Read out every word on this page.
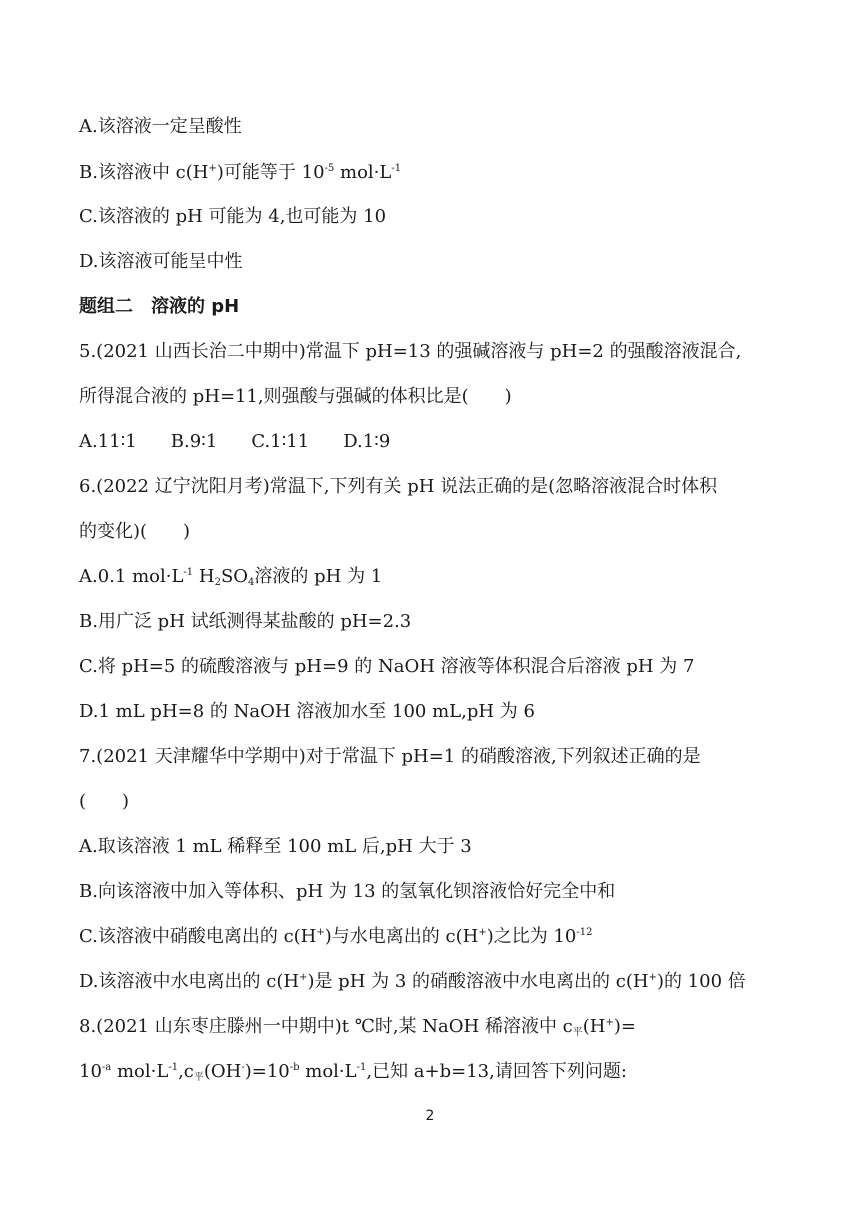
A.该溶液一定呈酸性
B.该溶液中 c(H+)可能等于 $10^{-5}$ $mol\cdot L^{-1}$
C.该溶液的 pH 可能为 4,也可能为 10
D.该溶液可能呈中性
题组二　溶液的 pH
5.(2021 山西长治二中期中)常温下 pH=13 的强碱溶液与 pH=2 的强酸溶液混合,
所得混合液的 pH=11,则强酸与强碱的体积比是(　　)
A.11∶1 B.9∶1 C.1∶11 D.1∶9
6.(2022 辽宁沈阳月考)常温下,下列有关 pH 说法正确的是(忽略溶液混合时体积
的变化)(　　)
A.0.1 $mol\cdot L^{-1}$ $H_2SO_4$溶液的 pH 为 1
B.用广泛 pH 试纸测得某盐酸的 pH=2.3
C.将 pH=5 的硫酸溶液与 pH=9 的 NaOH 溶液等体积混合后溶液 pH 为 7
D.1 mL pH=8 的 NaOH 溶液加水至 100 mL,pH 为 6
7.(2021 天津耀华中学期中)对于常温下 pH=1 的硝酸溶液,下列叙述正确的是
(　　)
A.取该溶液 1 mL 稀释至 100 mL 后,pH 大于 3
B.向该溶液中加入等体积、pH 为 13 的氢氧化钡溶液恰好完全中和
C.该溶液中硝酸电离出的 c(H+)与水电离出的 c(H+)之比为 $10^{-12}$
D.该溶液中水电离出的 c(H+)是 pH 为 3 的硝酸溶液中水电离出的 c(H+)的 100 倍
8.(2021 山东枣庄滕州一中期中)t ℃时,某 NaOH 稀溶液中 $c_平(H^+)=$
$10^{-a}$ $mol\cdot L^{-1},c_平(OH^-)=10^{-b}$ $mol\cdot L^{-1}$,已知 a+b=13,请回答下列问题:
2
